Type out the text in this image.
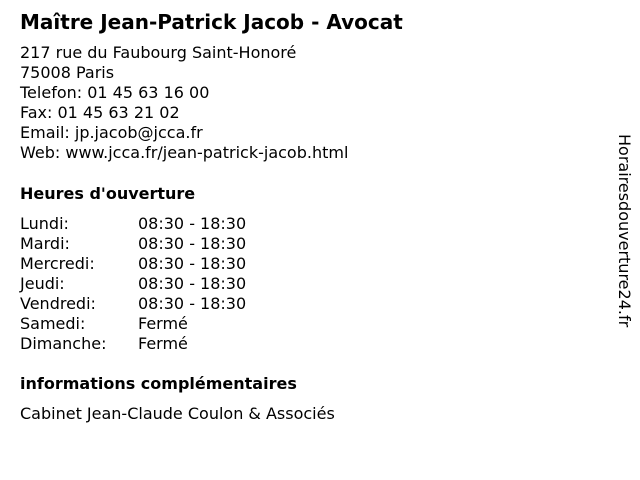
Maître Jean-Patrick Jacob - Avocat
217 rue du Faubourg Saint-Honoré
75008 Paris
Telefon: 01 45 63 16 00
Fax: 01 45 63 21 02
Email: jp.jacob@jcca.fr
Web: www.jcca.fr/jean-patrick-jacob.html
Heures d'ouverture
Lundi:	08:30 - 18:30
Mardi:	08:30 - 18:30
Mercredi:	08:30 - 18:30
Jeudi:	08:30 - 18:30
Vendredi:	08:30 - 18:30
Samedi:	Fermé
Dimanche: Fermé
informations complémentaires
Cabinet Jean-Claude Coulon & Associés
Horairesdouverture24.fr
